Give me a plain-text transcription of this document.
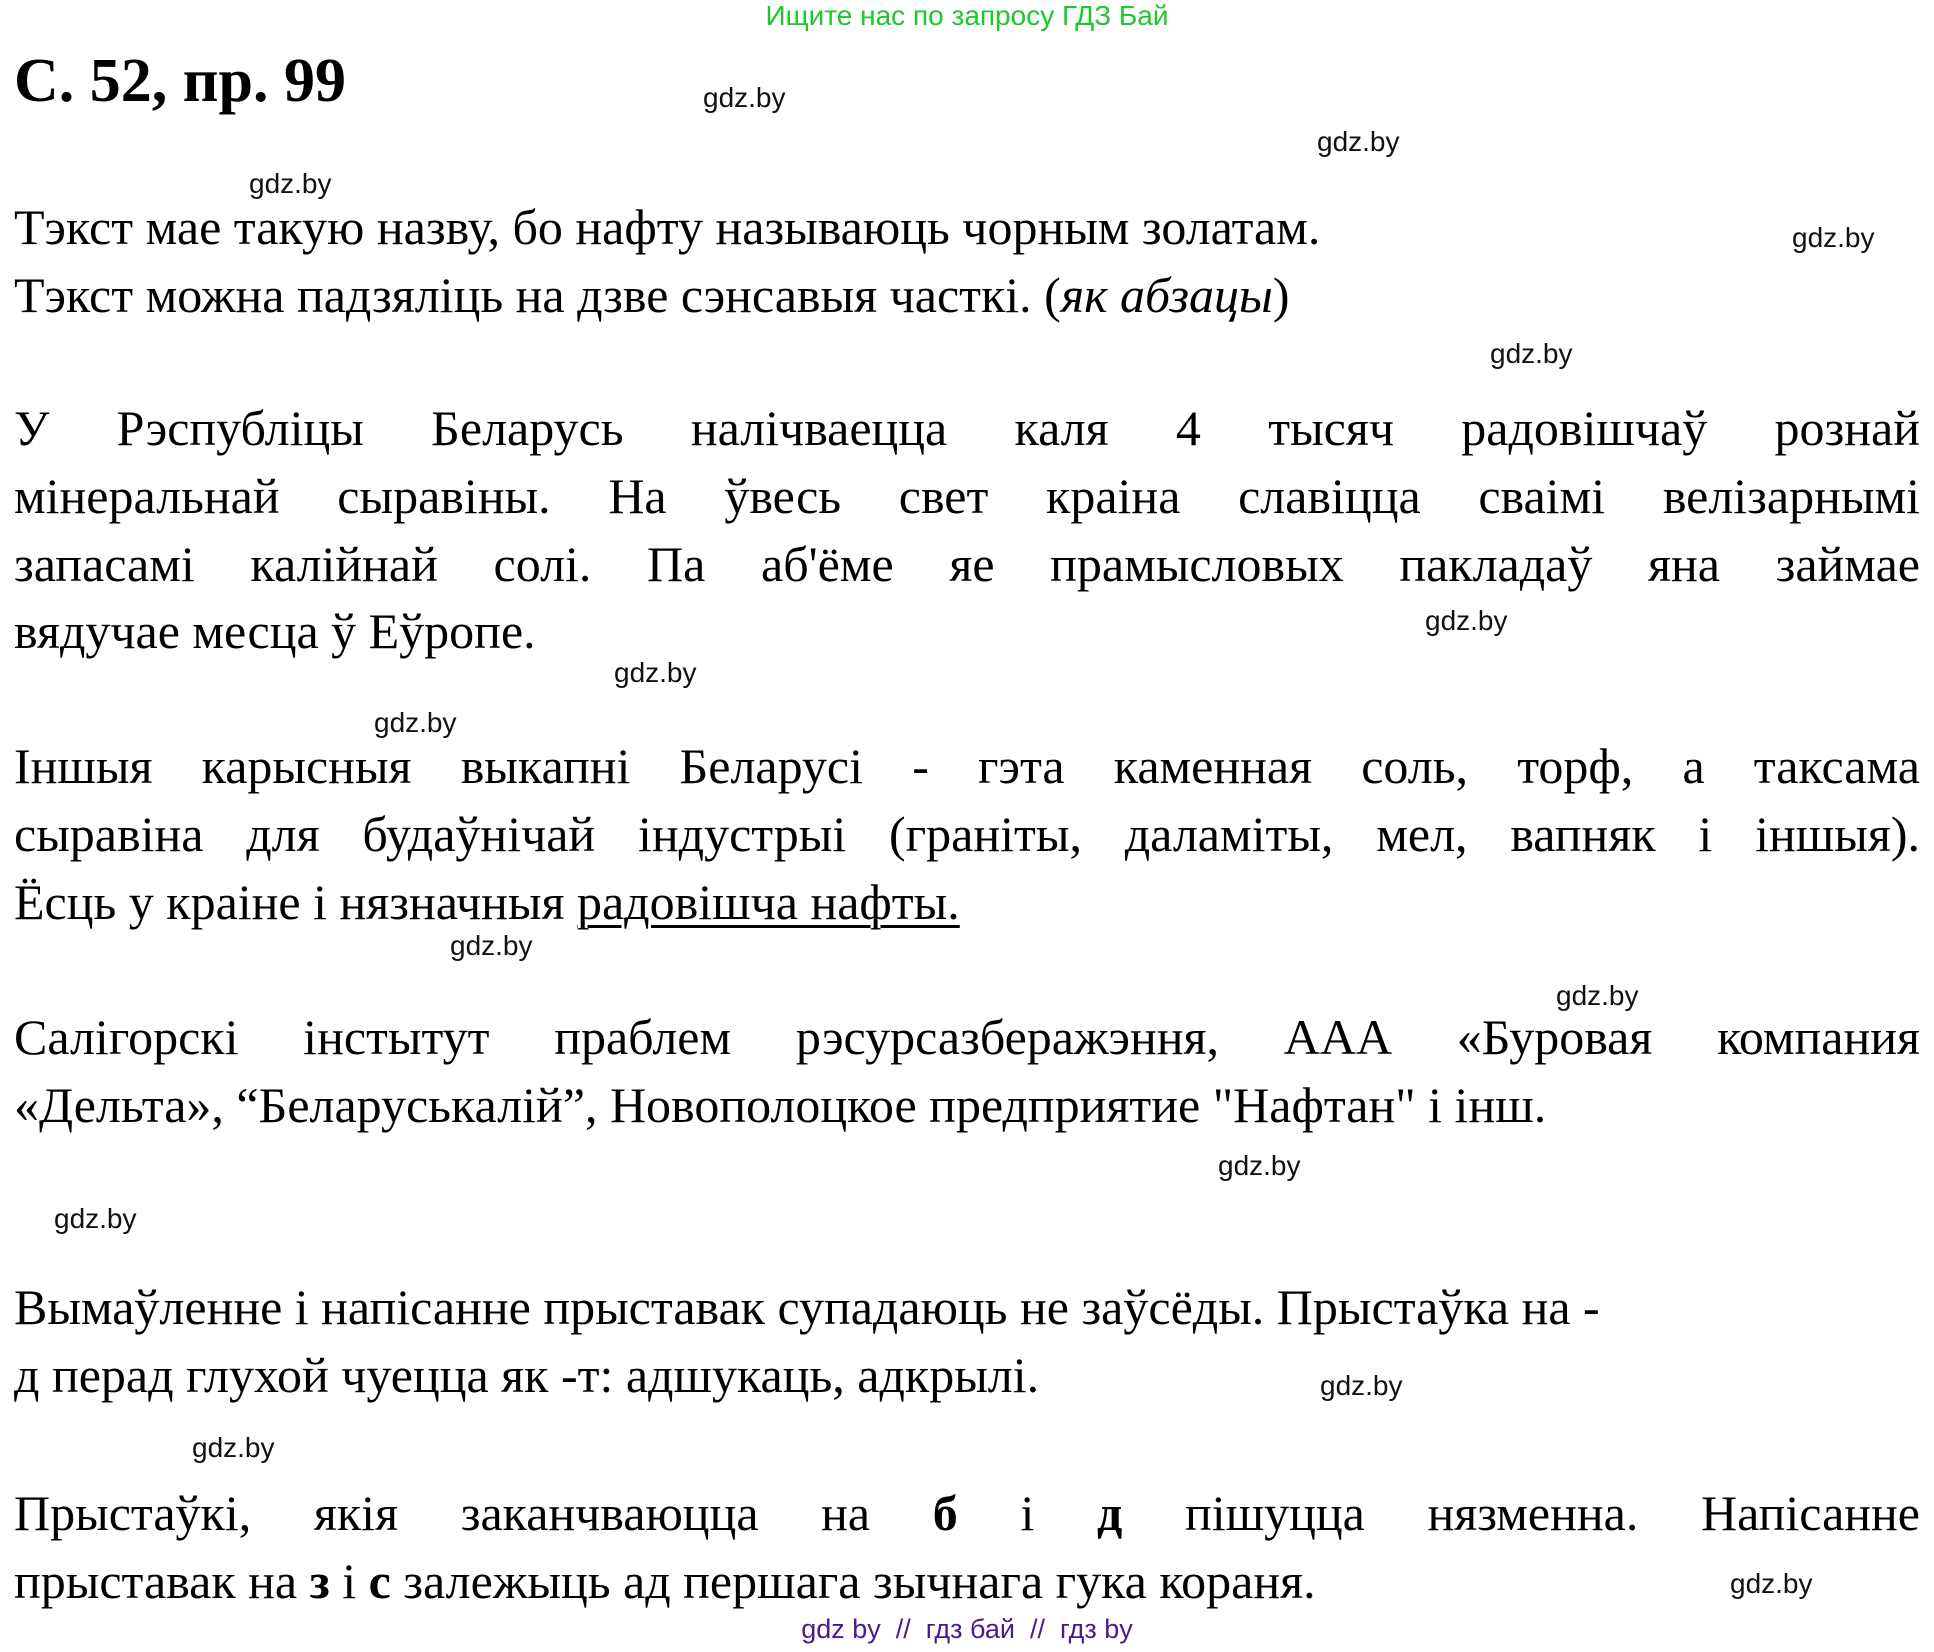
Ищите нас по запросу ГДЗ Бай
С. 52, пр. 99	gdz.by
gdz.by
gdz.by
gdz.by
gdz.by
gdz.by
gdz.by
gdz.by
gdz.by
gdz.by
gdz.by
gdz.by
gdz.by
gdz.by
gdz.by
Тэкст мае такую назву, бо нафту называюць чорным золатам.
Тэкст можна падзяліць на дзве сэнсавыя часткі. (як абзацы)
У Рэспубліцы Беларусь налічваецца каля 4 тысяч радовішчаў рознай
мінеральнай сыравіны. На ўвесь свет краіна славіцца сваімі велізарнымі
запасамі калійнай солі. Па аб'ёме яе прамысловых пакладаў яна займае
вядучае месца ў Еўропе.
Іншыя карысныя выкапні Беларусі - гэта каменная соль, торф, а таксама
сыравіна для будаўнічай індустрыі (граніты, даламіты, мел, вапняк і іншыя).
Ёсць у краіне і нязначныя радовішча нафты.
Салігорскі інстытут праблем рэсурсазберажэння, ААА «Буровая компания
«Дельта», “Беларуськалій”, Новополоцкое предприятие "Нафтан" і інш.
Вымаўленне і напісанне прыставак супадаюць не заўсёды. Прыстаўка на -
д перад глухой чуецца як -т: адшукаць, адкрылі.
Прыстаўкі, якія заканчваюцца на б і д пішуцца нязменна. Напісанне
прыставак на з і с залежыць ад першага зычнага гука кораня.
gdz by  //  гдз бай  //  гдз by
